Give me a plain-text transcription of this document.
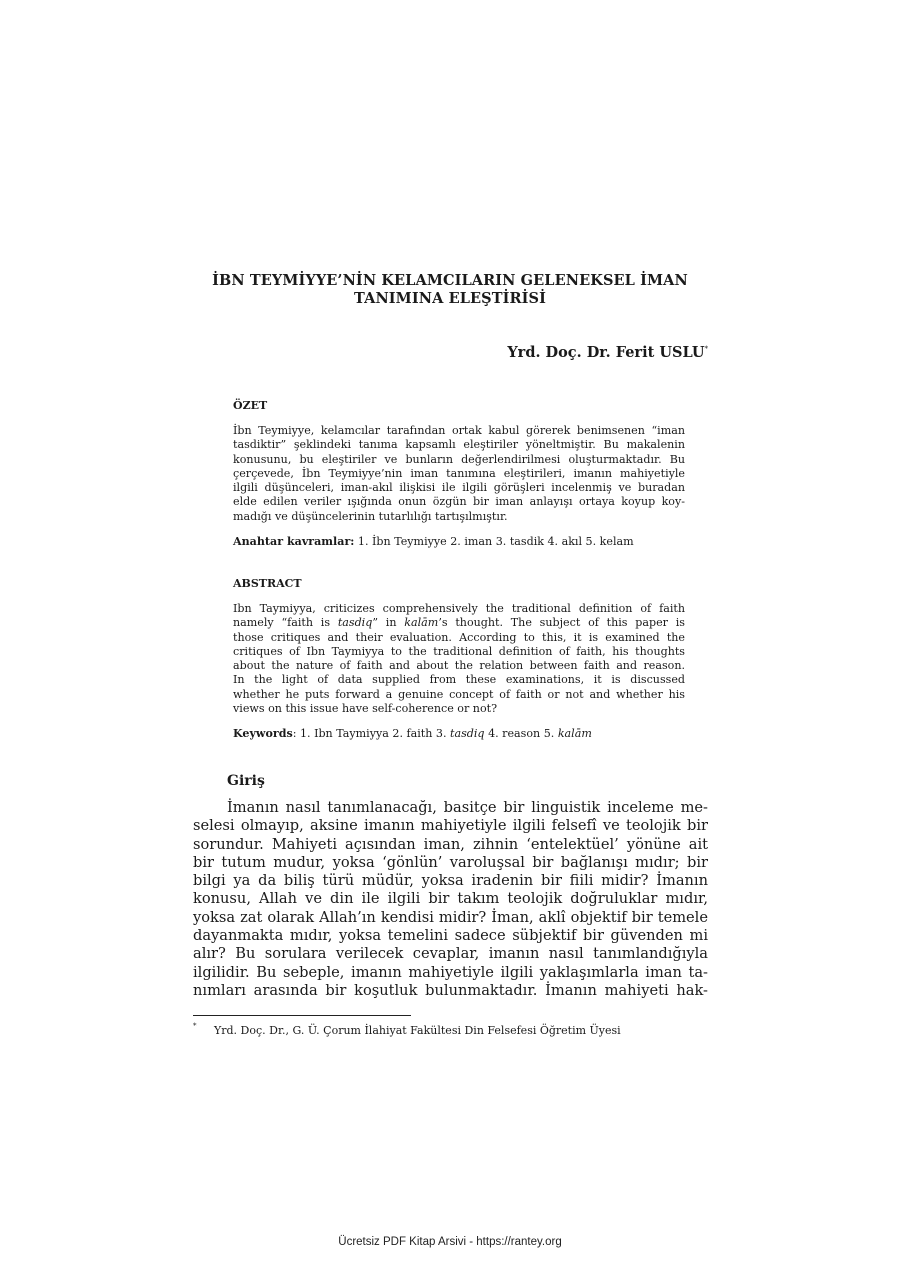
İBN TEYMİYYE’NİN KELAMCILARIN GELENEKSEL İMAN
TANIMINA ELEŞTİRİSİ
Yrd. Doç. Dr. Ferit USLU*
ÖZET
İbn Teymiyye, kelamcılar tarafından ortak kabul görerek benimsenen “iman
tasdiktir” şeklindeki tanıma kapsamlı eleştiriler yöneltmiştir. Bu makalenin
konusunu, bu eleştiriler ve bunların değerlendirilmesi oluşturmaktadır. Bu
çerçevede, İbn Teymiyye’nin iman tanımına eleştirileri, imanın mahiyetiyle
ilgili düşünceleri, iman-akıl ilişkisi ile ilgili görüşleri incelenmiş ve buradan
elde edilen veriler ışığında onun özgün bir iman anlayışı ortaya koyup koy-
madığı ve düşüncelerinin tutarlılığı tartışılmıştır.
Anahtar kavramlar: 1. İbn Teymiyye 2. iman 3. tasdik 4. akıl 5. kelam
ABSTRACT
Ibn Taymiyya, criticizes comprehensively the traditional definition of faith
namely “faith is tasdiq” in kalām’s thought. The subject of this paper is
those critiques and their evaluation. According to this, it is examined the
critiques of Ibn Taymiyya to the traditional definition of faith, his thoughts
about the nature of faith and about the relation between faith and reason.
In the light of data supplied from these examinations, it is discussed
whether he puts forward a genuine concept of faith or not and whether his
views on this issue have self-coherence or not?
Keywords: 1. Ibn Taymiyya 2. faith 3. tasdiq 4. reason 5. kalām
Giriş
İmanın nasıl tanımlanacağı, basitçe bir linguistik inceleme me-
selesi olmayıp, aksine imanın mahiyetiyle ilgili felsefî ve teolojik bir
sorundur. Mahiyeti açısından iman, zihnin ‘entelektüel’ yönüne ait
bir tutum mudur, yoksa ‘gönlün’ varoluşsal bir bağlanışı mıdır; bir
bilgi ya da biliş türü müdür, yoksa iradenin bir fiili midir? İmanın
konusu, Allah ve din ile ilgili bir takım teolojik doğruluklar mıdır,
yoksa zat olarak Allah’ın kendisi midir? İman, aklî objektif bir temele
dayanmakta mıdır, yoksa temelini sadece sübjektif bir güvenden mi
alır? Bu sorulara verilecek cevaplar, imanın nasıl tanımlandığıyla
ilgilidir. Bu sebeple, imanın mahiyetiyle ilgili yaklaşımlarla iman ta-
nımları arasında bir koşutluk bulunmaktadır. İmanın mahiyeti hak-
* Yrd. Doç. Dr., G. Ü. Çorum İlahiyat Fakültesi Din Felsefesi Öğretim Üyesi
Ücretsiz PDF Kitap Arsivi - https://rantey.org
